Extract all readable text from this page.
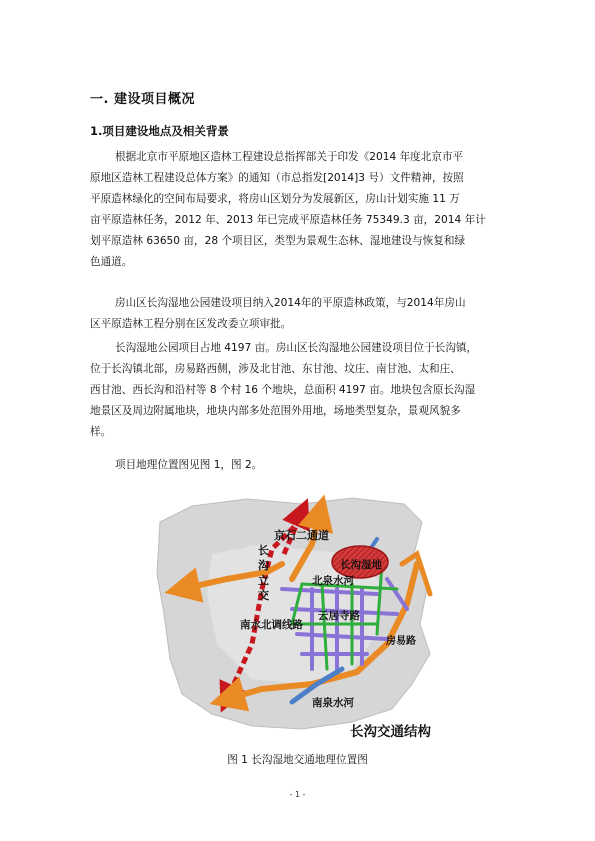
一. 建设项目概况
1.项目建设地点及相关背景
根据北京市平原地区造林工程建设总指挥部关于印发《2014 年度北京市平
原地区造林工程建设总体方案》的通知（市总指发[2014]3 号）文件精神，按照
平原造林绿化的空间布局要求，将房山区划分为发展新区，房山计划实施 11 万
亩平原造林任务，2012 年、2013 年已完成平原造林任务 75349.3 亩，2014 年计
划平原造林 63650 亩，28 个项目区，类型为景观生态林、湿地建设与恢复和绿
色通道。
房山区长沟湿地公园建设项目纳入2014年的平原造林政策，与2014年房山
区平原造林工程分别在区发改委立项审批。
长沟湿地公园项目占地 4197 亩。房山区长沟湿地公园建设项目位于长沟镇，
位于长沟镇北部，房易路西侧，涉及北甘池、东甘池、坟庄、南甘池、太和庄、
西甘池、西长沟和沿村等 8 个村 16 个地块，总面积 4197 亩。地块包含原长沟湿
地景区及周边附属地块，地块内部多处范围外用地，场地类型复杂，景观风貌多
样。
项目地理位置图见图 1，图 2。
京石二通道
长
沟
立
交
长沟湿地
北泉水河
云居寺路
南水北调线路
房易路
南泉水河
长沟交通结构
图 1 长沟湿地交通地理位置图
- 1 -
